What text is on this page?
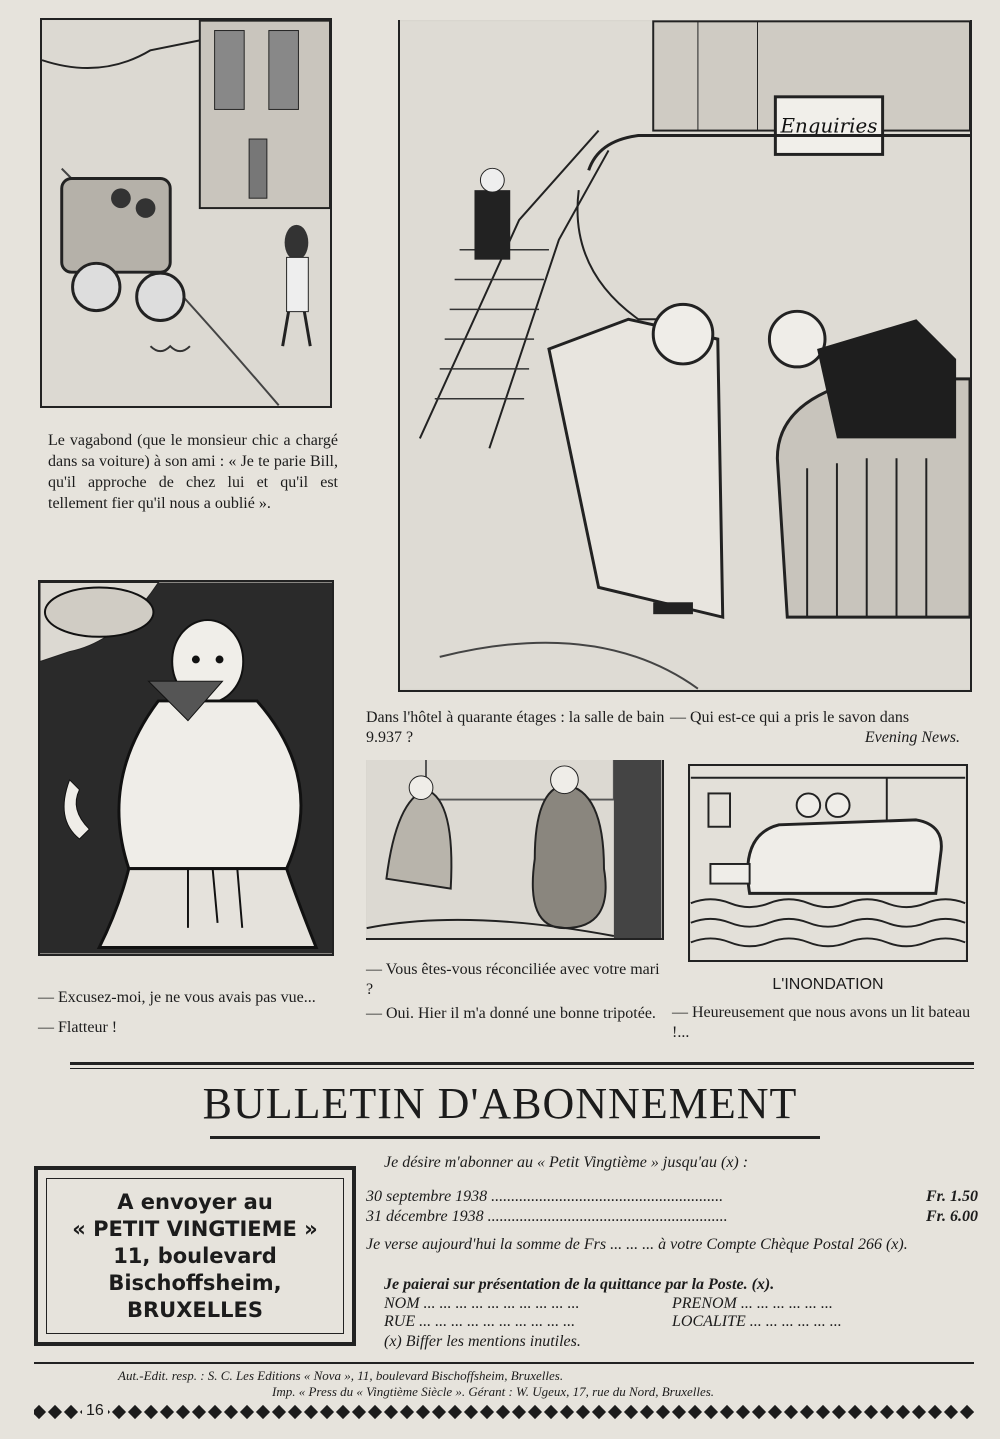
Le vagabond (que le monsieur chic a chargé dans sa voiture) à son ami : « Je te parie Bill, qu'il approche de chez lui et qu'il est tellement fier qu'il nous a oublié ».

Enquiries

Dans l'hôtel à quarante étages : la salle de bain 9.937 ?

— Qui est-ce qui a pris le savon dans

Evening News.

— Excusez-moi, je ne vous avais pas vue...

— Flatteur !

— Vous êtes-vous réconciliée avec votre mari ?

— Oui. Hier il m'a donné une bonne tripotée.

L'INONDATION

— Heureusement que nous avons un lit bateau !...

BULLETIN D'ABONNEMENT
A envoyer au
« PETIT VINGTIEME »
11, boulevard
Bischoffsheim,
BRUXELLES
Je désire m'abonner au « Petit Vingtième » jusqu'au (x) :
30 septembre 1938 ..........................................................	Fr. 1.50
31 décembre 1938 ............................................................	Fr. 6.00
Je verse aujourd'hui la somme de Frs ... ... ... à votre Compte Chèque Postal 266 (x).
Je paierai sur présentation de la quittance par la Poste. (x).
NOM ... ... ... ... ... ... ... ... ... ...	PRENOM ... ... ... ... ... ...
RUE ... ... ... ... ... ... ... ... ... ...	LOCALITE ... ... ... ... ... ...
(x) Biffer les mentions inutiles.
Aut.-Edit. resp. : S. C. Les Editions « Nova », 11, boulevard Bischoffsheim, Bruxelles.
Imp. « Press du « Vingtième Siècle ». Gérant : W. Ugeux, 17, rue du Nord, Bruxelles.
16
